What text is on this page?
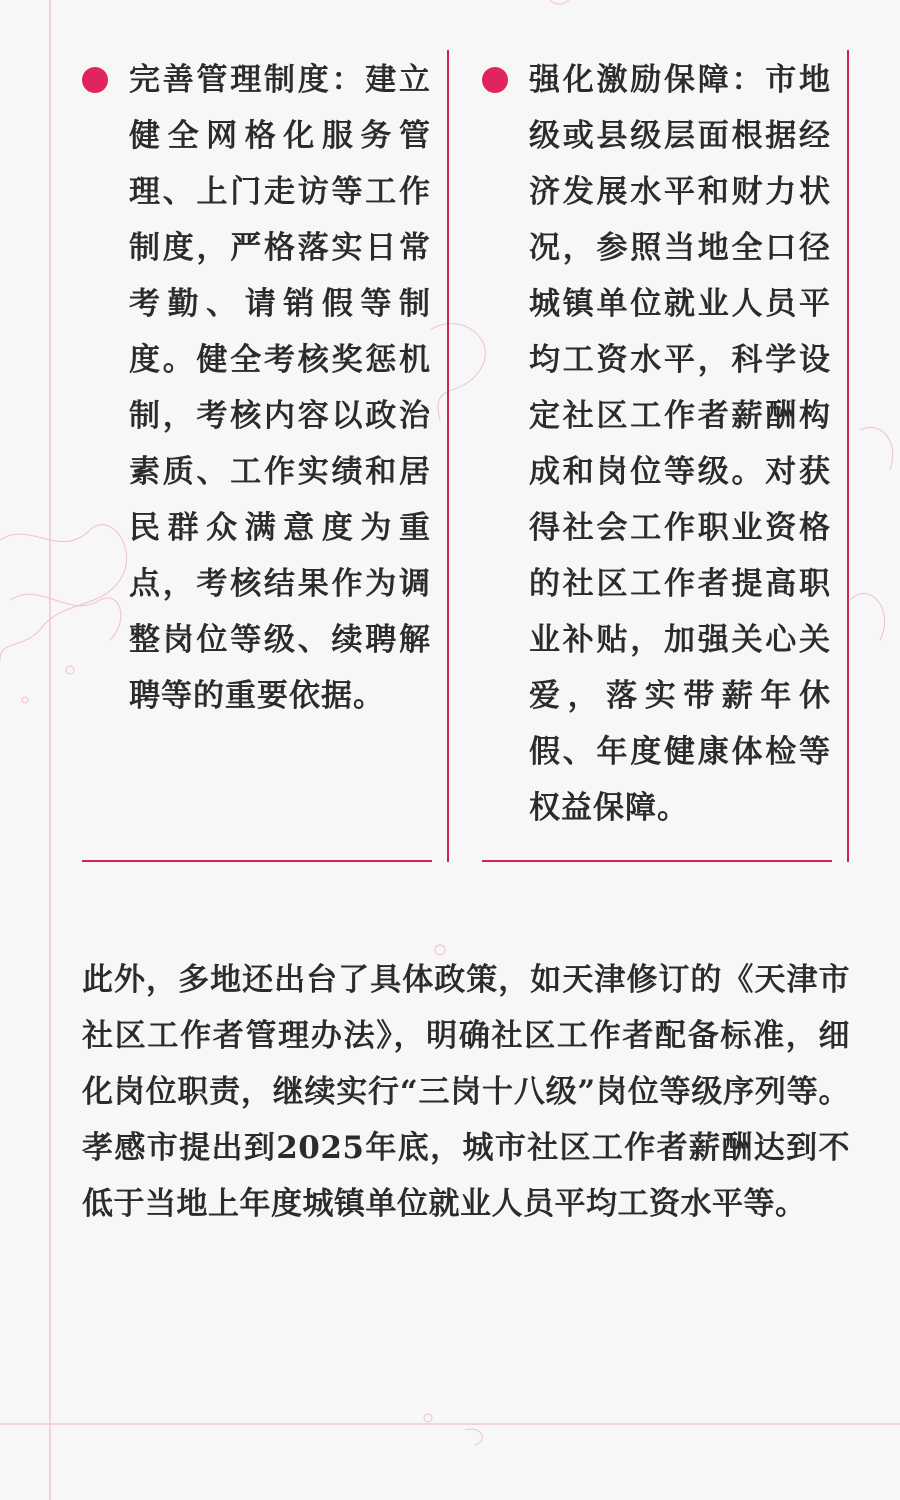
完善管理制度：建立健全网格化服务管理、上门走访等工作制度，严格落实日常考勤、请销假等制度。健全考核奖惩机制，考核内容以政治素质、工作实绩和居民群众满意度为重点，考核结果作为调整岗位等级、续聘解聘等的重要依据。

强化激励保障：市地级或县级层面根据经济发展水平和财力状况，参照当地全口径城镇单位就业人员平均工资水平，科学设定社区工作者薪酬构成和岗位等级。对获得社会工作职业资格的社区工作者提高职业补贴，加强关心关爱，落实带薪年休假、年度健康体检等权益保障。

此外，多地还出台了具体政策，如天津修订的《天津市社区工作者管理办法》，明确社区工作者配备标准，细化岗位职责，继续实行“三岗十八级”岗位等级序列等。孝感市提出到2025年底，城市社区工作者薪酬达到不低于当地上年度城镇单位就业人员平均工资水平等。
